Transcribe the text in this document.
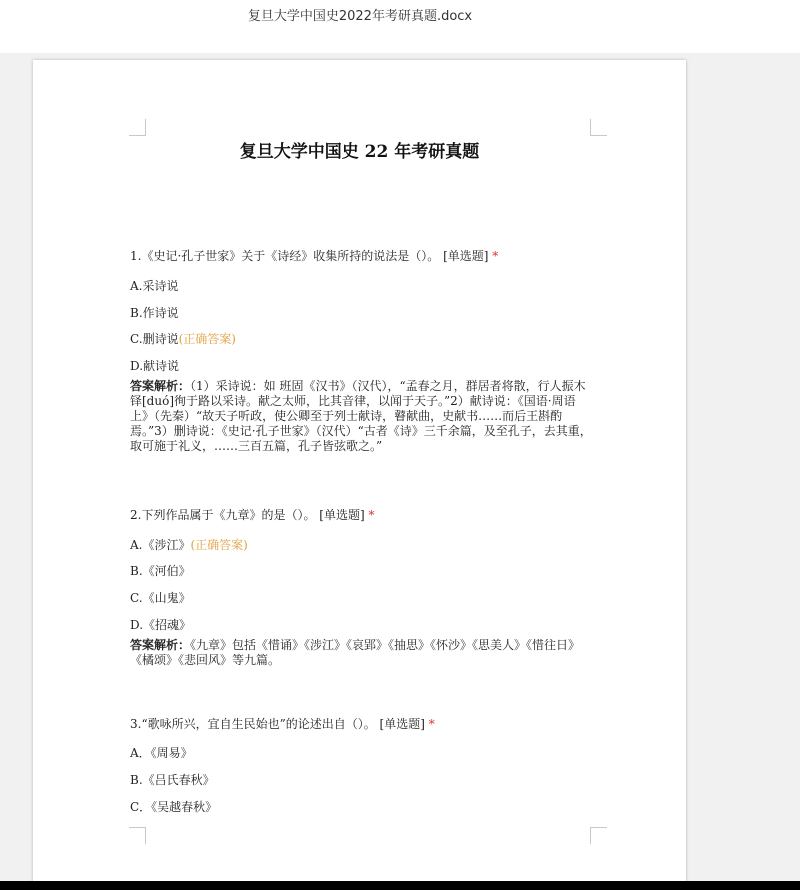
复旦大学中国史2022年考研真题.docx
复旦大学中国史 22 年考研真题
1.《史记·孔子世家》关于《诗经》收集所持的说法是（）。 [单选题] *
A.采诗说
B.作诗说
C.删诗说(正确答案)
D.献诗说
答案解析：（1）采诗说：如 班固《汉书》（汉代），“孟春之月，群居者将散，行人振木铎[duó]徇于路以采诗。献之太师，比其音律，以闻于天子。”2）献诗说：《国语·周语上》（先秦）“故天子听政，使公卿至于列士献诗，瞽献曲，史献书……而后王斟酌焉。”3）删诗说：《史记·孔子世家》（汉代）“古者《诗》三千余篇，及至孔子，去其重，取可施于礼义，……三百五篇，孔子皆弦歌之。”
2.下列作品属于《九章》的是（）。 [单选题] *
A.《涉江》(正确答案)
B.《河伯》
C.《山鬼》
D.《招魂》
答案解析：《九章》包括《惜诵》《涉江》《哀郢》《抽思》《怀沙》《思美人》《惜往日》《橘颂》《悲回风》等九篇。
3.“歌咏所兴，宜自生民始也”的论述出自（）。 [单选题] *
A．《周易》
B.《吕氏春秋》
C．《吴越春秋》
